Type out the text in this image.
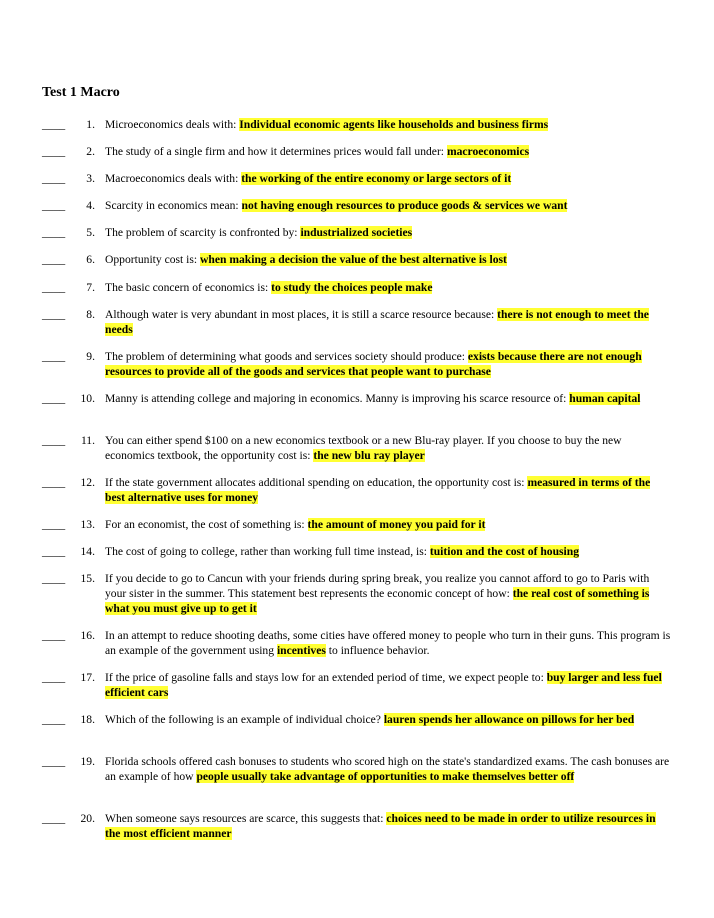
Test 1 Macro
____	1. Microeconomics deals with: Individual economic agents like households and business firms
____	2. The study of a single firm and how it determines prices would fall under: macroeconomics
____	3. Macroeconomics deals with: the working of the entire economy or large sectors of it
____	4. Scarcity in economics mean: not having enough resources to produce goods & services we want
____	5. The problem of scarcity is confronted by: industrialized societies
____	6. Opportunity cost is: when making a decision the value of the best alternative is lost
____	7. The basic concern of economics is: to study the choices people make
____	8. Although water is very abundant in most places, it is still a scarce resource because: there is not enough to meet the needs
____	9. The problem of determining what goods and services society should produce: exists because there are not enough resources to provide all of the goods and services that people want to purchase
____	10. Manny is attending college and majoring in economics. Manny is improving his scarce resource of: human capital
____	11. You can either spend $100 on a new economics textbook or a new Blu-ray player. If you choose to buy the new economics textbook, the opportunity cost is: the new blu ray player
____	12. If the state government allocates additional spending on education, the opportunity cost is: measured in terms of the best alternative uses for money
____	13. For an economist, the cost of something is: the amount of money you paid for it
____	14. The cost of going to college, rather than working full time instead, is: tuition and the cost of housing
____	15. If you decide to go to Cancun with your friends during spring break, you realize you cannot afford to go to Paris with your sister in the summer. This statement best represents the economic concept of how: the real cost of something is what you must give up to get it
____	16. In an attempt to reduce shooting deaths, some cities have offered money to people who turn in their guns. This program is an example of the government using incentives to influence behavior.
____	17. If the price of gasoline falls and stays low for an extended period of time, we expect people to: buy larger and less fuel efficient cars
____	18. Which of the following is an example of individual choice? lauren spends her allowance on pillows for her bed
____	19. Florida schools offered cash bonuses to students who scored high on the state's standardized exams. The cash bonuses are an example of how people usually take advantage of opportunities to make themselves better off
____	20. When someone says resources are scarce, this suggests that: choices need to be made in order to utilize resources in the most efficient manner
